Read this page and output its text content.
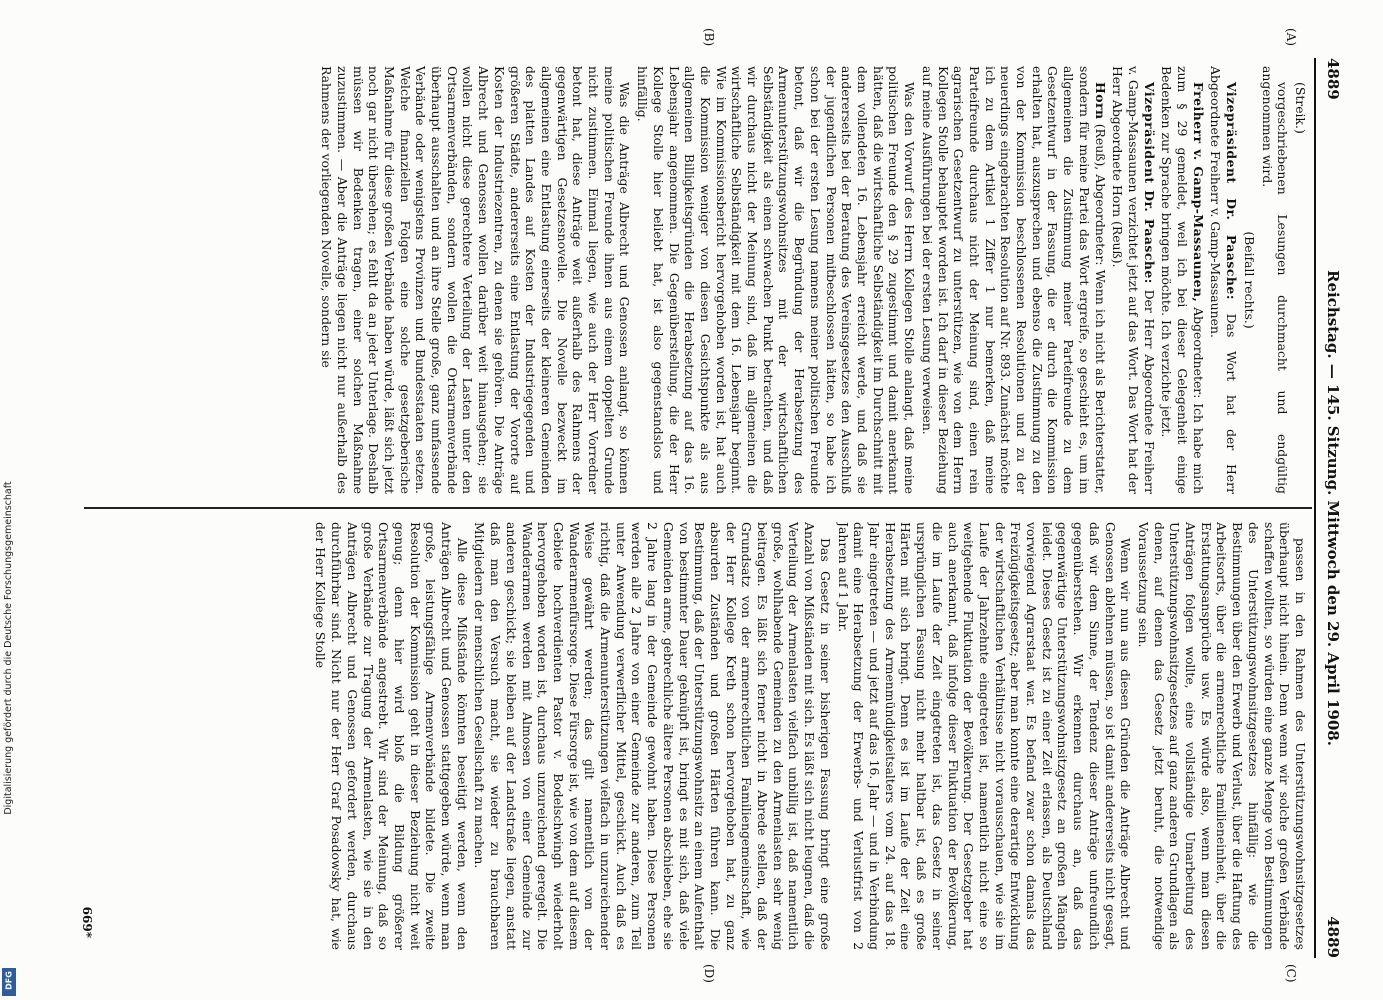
Digitalisierung gefördert durch die Deutsche Forschungsgemeinschaft
DFG
4889
Reichstag. — 145. Sitzung. Mittwoch den 29. April 1908.
4889

(Streik.)

vorgeschriebenen Lesungen durchmacht und endgültig angenommen wird.

(Beifall rechts.)

Vizepräsident Dr. Paasche: Das Wort hat der Herr Abgeordnete Freiherr v. Gamp-Massaunen.

Freiherr v. Gamp-Massaunen, Abgeordneter: Ich habe mich zum § 29 gemeldet, weil ich bei dieser Gelegenheit einige Bedenken zur Sprache bringen möchte. Ich verzichte jetzt.

Vizepräsident Dr. Paasche: Der Herr Abgeordnete Freiherr v. Gamp-Massaunen verzichtet jetzt auf das Wort. Das Wort hat der Herr Abgeordnete Horn (Reuß).

Horn (Reuß), Abgeordneter: Wenn ich nicht als Berichterstatter, sondern für meine Partei das Wort ergreife, so geschieht es, um im allgemeinen die Zustimmung meiner Parteifreunde zu dem Gesetzentwurf in der Fassung, die er durch die Kommission erhalten hat, auszusprechen und ebenso die Zustimmung zu den von der Kommission beschlossenen Resolutionen und zu der neuerdings eingebrachten Resolution auf Nr. 893. Zunächst möchte ich zu dem Artikel 1 Ziffer 1 nur bemerken, daß meine Parteifreunde durchaus nicht der Meinung sind, einen rein agrarischen Gesetzentwurf zu unterstützen, wie von dem Herrn Kollegen Stolle behauptet worden ist. Ich darf in dieser Beziehung auf meine Ausführungen bei der ersten Lesung verweisen.

Was den Vorwurf des Herrn Kollegen Stolle anlangt, daß meine politischen Freunde den § 29 zugestimmt und damit anerkannt hätten, daß die wirtschaftliche Selbständigkeit im Durchschnitt mit dem vollendeten 16. Lebensjahr erreicht werde, und daß sie andererseits bei der Beratung des Vereinsgesetzes den Ausschluß der jugendlichen Personen mitbeschlossen hätten, so habe ich schon bei der ersten Lesung namens meiner politischen Freunde betont, daß wir die Begründung der Herabsetzung des Armenunterstützungswohnsitzes mit der wirtschaftlichen Selbständigkeit als einen schwachen Punkt betrachten, und daß wir durchaus nicht der Meinung sind, daß im allgemeinen die wirtschaftliche Selbständigkeit mit dem 16. Lebensjahr beginnt. Wie im Kommissionsbericht hervorgehoben worden ist, hat auch die Kommission weniger von diesen Gesichtspunkte als aus allgemeinen Billigkeitsgründen die Herabsetzung auf das 16. Lebensjahr angenommen. Die Gegenüberstellung, die der Herr Kollege Stolle hier beliebt hat, ist also gegenstandslos und hinfällig.

Was die Anträge Albrecht und Genossen anlangt, so können meine politischen Freunde ihnen aus einem doppelten Grunde nicht zustimmen. Einmal liegen, wie auch der Herr Vorredner betont hat, diese Anträge weit außerhalb des Rahmens der gegenwärtigen Gesetzesnovelle. Die Novelle bezweckt im allgemeinen eine Entlastung einerseits der kleineren Gemeinden des platten Landes auf Kosten der Industriegegenden und größeren Städte, andererseits eine Entlastung der Vororte auf Kosten der Industriezentren, zu denen sie gehören. Die Anträge Albrecht und Genossen wollen darüber weit hinausgehen; sie wollen nicht diese gerechtere Verteilung der Lasten unter den Ortsarmenverbänden, sondern wollen die Ortsarmenverbände überhaupt ausschalten und an ihre Stelle große, ganz umfassende Verbände oder wenigstens Provinzen und Bundesstaaten setzen. Welche finanziellen Folgen eine solche gesetzgeberische Maßnahme für diese großen Verbände haben würde, läßt sich jetzt noch gar nicht übersehen; es fehlt da an jeder Unterlage. Deshalb müssen wir Bedenken tragen, einer solchen Maßnahme zuzustimmen. — Aber die Anträge liegen nicht nur außerhalb des Rahmens der vorliegenden Novelle, sondern sie

passen in den Rahmen des Unterstützungswohnsitzgesetzes überhaupt nicht hinein. Denn wenn wir solche großen Verbände schaffen wollten, so würden eine ganze Menge von Bestimmungen des Unterstützungswohnsitzgesetzes hinfällig: wie die Bestimmungen über den Erwerb und Verlust, über die Haftung des Arbeitsorts, über die armenrechtliche Familieneinheit, über die Erstattungsansprüche usw. Es würde also, wenn man diesen Anträgen folgen wollte, eine vollständige Umarbeitung des Unterstützungswohnsitzgesetzes auf ganz anderen Grundlagen als denen, auf denen das Gesetz jetzt beruht, die notwendige Voraussetzung sein.

Wenn wir nun aus diesen Gründen die Anträge Albrecht und Genossen ablehnen müssen, so ist damit andererseits nicht gesagt, daß wir dem Sinne, der Tendenz dieser Anträge unfreundlich gegenüberstehen. Wir erkennen durchaus an, daß das gegenwärtige Unterstützungswohnsitzgesetz an großen Mängeln leidet. Dieses Gesetz ist zu einer Zeit erlassen, als Deutschland vorwiegend Agrarstaat war. Es befand zwar schon damals das Freizügigkeitsgesetz; aber man konnte eine derartige Entwicklung der wirtschaftlichen Verhältnisse nicht vorausschauen, wie sie im Laufe der Jahrzehnte eingetreten ist, namentlich nicht eine so weitgehende Fluktuation der Bevölkerung. Der Gesetzgeber hat auch anerkannt, daß infolge dieser Fluktuation der Bevölkerung, die im Laufe der Zeit eingetreten ist, das Gesetz in seiner ursprünglichen Fassung nicht mehr haltbar ist, daß es große Härten mit sich bringt. Denn es ist im Laufe der Zeit eine Herabsetzung des Armenmündigkeitsalters vom 24. auf das 18. Jahr eingetreten — und jetzt auf das 16. Jahr — und in Verbindung damit eine Herabsetzung der Erwerbs- und Verlustfrist von 2 Jahren auf 1 Jahr.

Das Gesetz in seiner bisherigen Fassung bringt eine große Anzahl von Mißständen mit sich. Es läßt sich nicht leugnen, daß die Verteilung der Armenlasten vielfach unbillig ist, daß namentlich große, wohlhabende Gemeinden zu den Armenlasten sehr wenig beitragen. Es läßt sich ferner nicht in Abrede stellen, daß der Grundsatz von der armenrechtlichen Familiengemeinschaft, wie der Herr Kollege Kreth schon hervorgehoben hat, zu ganz absurden Zuständen und großen Härten führen kann. Die Bestimmung, daß der Unterstützungswohnsitz an einem Aufenthalt von bestimmter Dauer geknüpft ist, bringt es mit sich, daß viele Gemeinden arme, gebrechliche ältere Personen abschieben, ehe sie 2 Jahre lang in der Gemeinde gewohnt haben. Diese Personen werden alle 2 Jahre von einer Gemeinde zur anderen, zum Teil unter Anwendung verwerflicher Mittel, geschickt. Auch daß es richtig, daß die Armenunterstützungen vielfach in unzureichender Weise gewährt werden; das gilt namentlich von der Wanderarmenfürsorge. Diese Fürsorge ist, wie von dem auf diesem Gebiete hochverdienten Pastor v. Bodelschwingh wiederholt hervorgehoben worden ist, durchaus unzureichend geregelt. Die Wanderarmen werden mit Almosen von einer Gemeinde zur anderen geschickt; sie bleiben auf der Landstraße liegen, anstatt daß man den Versuch macht, sie wieder zu brauchbaren Mitgliedern der menschlichen Gesellschaft zu machen.

Alle diese Mißstände könnten beseitigt werden, wenn den Anträgen Albrecht und Genossen stattgegeben würde, wenn man große, leistungsfähige Armenverbände bildete. Die zweite Resolution der Kommission geht in dieser Beziehung nicht weit genug; denn hier wird bloß die Bildung größerer Ortsarmenverbände angestrebt. Wir sind der Meinung, daß so große Verbände zur Tragung der Armenlasten, wie sie in den Anträgen Albrecht und Genossen gefordert werden, durchaus durchführbar sind. Nicht nur der Herr Graf Posadowsky hat, wie der Herr Kollege Stolle

(A)
(B)
(C)
(D)
669*
